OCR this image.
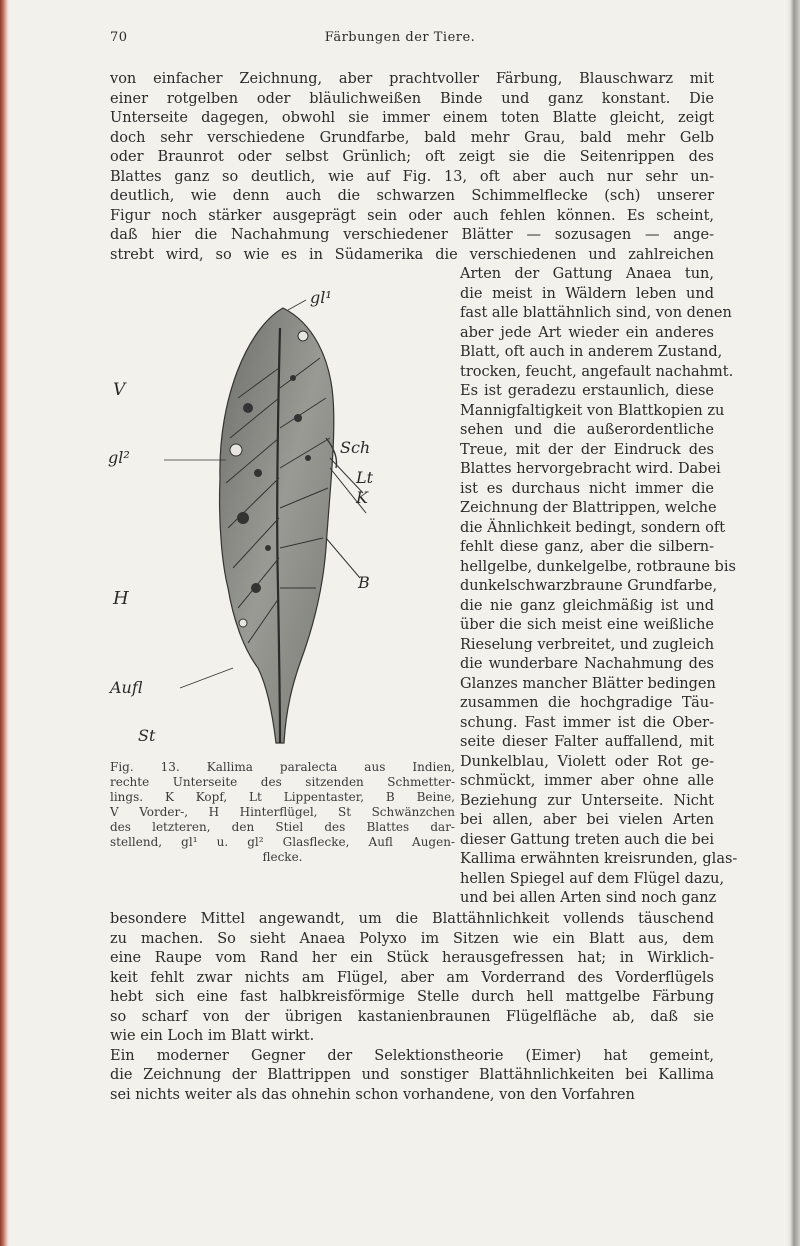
70	Färbungen der Tiere.
von einfacher Zeichnung, aber prachtvoller Färbung, Blauschwarz mit
einer rotgelben oder bläulichweißen Binde und ganz konstant. Die
Unterseite dagegen, obwohl sie immer einem toten Blatte gleicht, zeigt
doch sehr verschiedene Grundfarbe, bald mehr Grau, bald mehr Gelb
oder Braunrot oder selbst Grünlich; oft zeigt sie die Seitenrippen des
Blattes ganz so deutlich, wie auf Fig. 13, oft aber auch nur sehr un-
deutlich, wie denn auch die schwarzen Schimmelflecke (sch) unserer
Figur noch stärker ausgeprägt sein oder auch fehlen können. Es scheint,
daß hier die Nachahmung verschiedener Blätter — sozusagen — ange-
strebt wird, so wie es in Südamerika die verschiedenen und zahlreichen
Arten der Gattung Anaea tun,
die meist in Wäldern leben und
fast alle blattähnlich sind, von denen
aber jede Art wieder ein anderes
Blatt, oft auch in anderem Zustand,
trocken, feucht, angefault nachahmt.
Es ist geradezu erstaunlich, diese
Mannigfaltigkeit von Blattkopien zu
sehen und die außerordentliche
Treue, mit der der Eindruck des
Blattes hervorgebracht wird. Dabei
ist es durchaus nicht immer die
Zeichnung der Blattrippen, welche
die Ähnlichkeit bedingt, sondern oft
fehlt diese ganz, aber die silbern-
hellgelbe, dunkelgelbe, rotbraune bis
dunkelschwarzbraune Grundfarbe,
die nie ganz gleichmäßig ist und
über die sich meist eine weißliche
Rieselung verbreitet, und zugleich
die wunderbare Nachahmung des
Glanzes mancher Blätter bedingen
zusammen die hochgradige Täu-
schung. Fast immer ist die Ober-
seite dieser Falter auffallend, mit
Dunkelblau, Violett oder Rot ge-
schmückt, immer aber ohne alle
Beziehung zur Unterseite. Nicht
bei allen, aber bei vielen Arten
dieser Gattung treten auch die bei
Kallima erwähnten kreisrunden, glas-
hellen Spiegel auf dem Flügel dazu,
und bei allen Arten sind noch ganz
gl¹
V
gl²
Sch
Lt
K
B
H
Aufl
St
Fig. 13. Kallima paralecta aus Indien,
rechte Unterseite des sitzenden Schmetter-
lings. K Kopf, Lt Lippentaster, B Beine,
V Vorder-, H Hinterflügel, St Schwänzchen
des letzteren, den Stiel des Blattes dar-
stellend, gl¹ u. gl² Glasflecke, Aufl Augen-
flecke.
besondere Mittel angewandt, um die Blattähnlichkeit vollends täuschend
zu machen. So sieht Anaea Polyxo im Sitzen wie ein Blatt aus, dem
eine Raupe vom Rand her ein Stück herausgefressen hat; in Wirklich-
keit fehlt zwar nichts am Flügel, aber am Vorderrand des Vorderflügels
hebt sich eine fast halbkreisförmige Stelle durch hell mattgelbe Färbung
so scharf von der übrigen kastanienbraunen Flügelfläche ab, daß sie
wie ein Loch im Blatt wirkt.
Ein moderner Gegner der Selektionstheorie (Eimer) hat gemeint,
die Zeichnung der Blattrippen und sonstiger Blattähnlichkeiten bei Kallima
sei nichts weiter als das ohnehin schon vorhandene, von den Vorfahren
